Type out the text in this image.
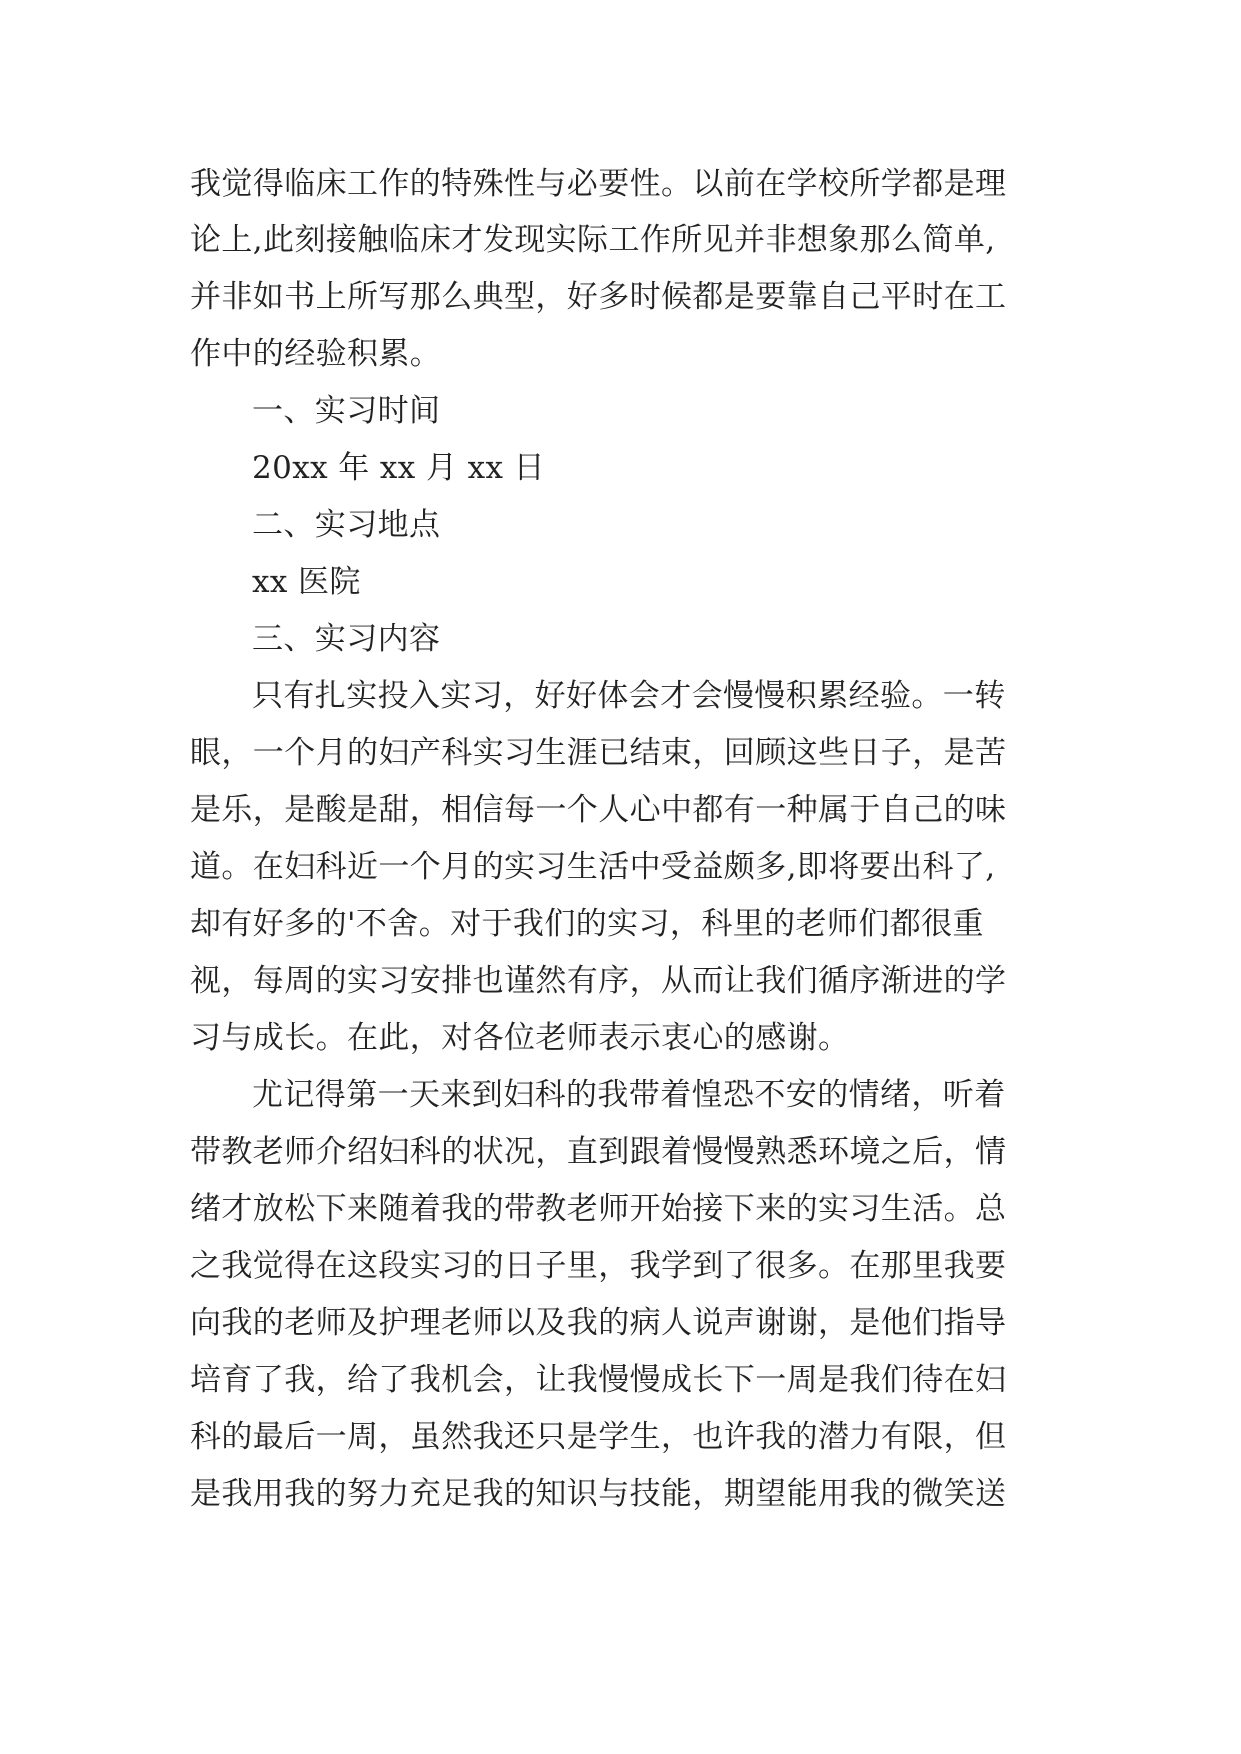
我觉得临床工作的特殊性与必要性。以前在学校所学都是理
论上,此刻接触临床才发现实际工作所见并非想象那么简单,
并非如书上所写那么典型，好多时候都是要靠自己平时在工
作中的经验积累。
一、实习时间
20xx 年 xx 月 xx 日
二、实习地点
xx 医院
三、实习内容
只有扎实投入实习，好好体会才会慢慢积累经验。一转
眼，一个月的妇产科实习生涯已结束，回顾这些日子，是苦
是乐，是酸是甜，相信每一个人心中都有一种属于自己的味
道。在妇科近一个月的实习生活中受益颇多,即将要出科了,
却有好多的'不舍。对于我们的实习，科里的老师们都很重
视，每周的实习安排也谨然有序，从而让我们循序渐进的学
习与成长。在此，对各位老师表示衷心的感谢。
尤记得第一天来到妇科的我带着惶恐不安的情绪，听着
带教老师介绍妇科的状况，直到跟着慢慢熟悉环境之后，情
绪才放松下来随着我的带教老师开始接下来的实习生活。总
之我觉得在这段实习的日子里，我学到了很多。在那里我要
向我的老师及护理老师以及我的病人说声谢谢，是他们指导
培育了我，给了我机会，让我慢慢成长下一周是我们待在妇
科的最后一周，虽然我还只是学生，也许我的潜力有限，但
是我用我的努力充足我的知识与技能，期望能用我的微笑送
